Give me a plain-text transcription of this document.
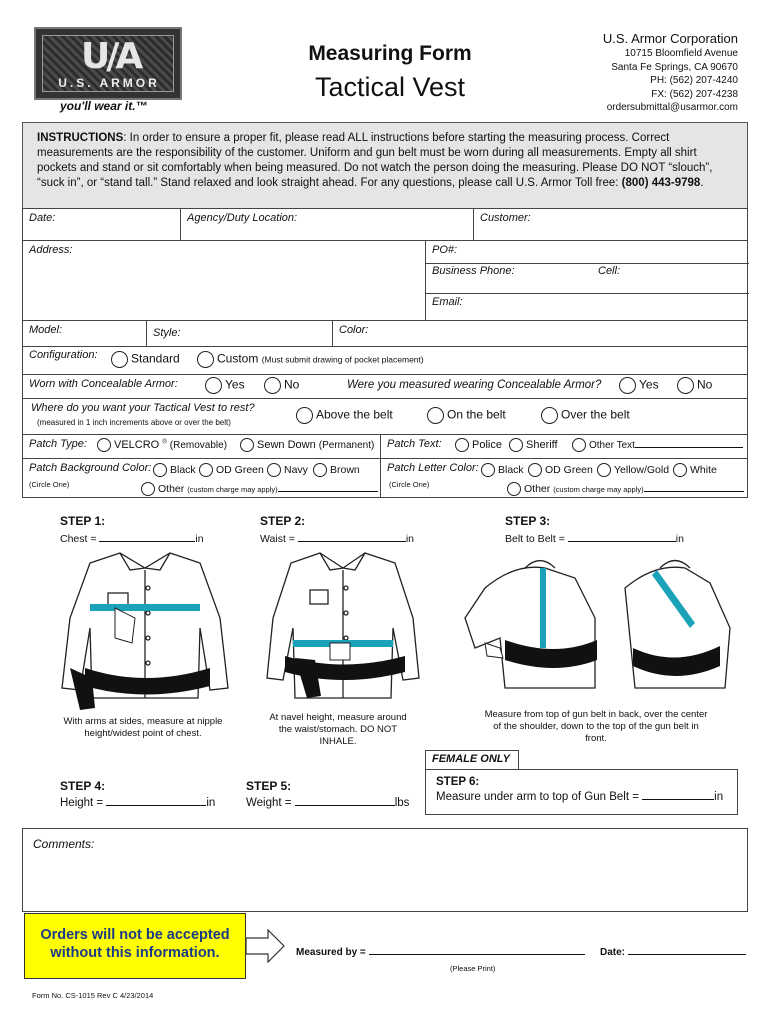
U/A
U.S. ARMOR
you'll wear it.™
Measuring Form
Tactical Vest
U.S. Armor Corporation
10715 Bloomfield Avenue
Santa Fe Springs, CA 90670
PH: (562) 207-4240
FX: (562) 207-4238
ordersubmittal@usarmor.com
INSTRUCTIONS: In order to ensure a proper fit, please read ALL instructions before starting the measuring process. Correct measurements are the responsibility of the customer. Uniform and gun belt must be worn during all measurements. Empty all shirt pockets and stand or sit comfortably when being measured. Do not watch the person doing the measuring. Please DO NOT “slouch”, “suck in”, or “stand tall.” Stand relaxed and look straight ahead. For any questions, please call U.S. Armor Toll free: (800) 443-9798.
Date:	Agency/Duty Location:	Customer:
Address:	PO#:
Business Phone:	Cell:
Email:
Model:	Style:	Color:
Configuration:	Standard	Custom (Must submit drawing of pocket placement)
Worn with Concealable Armor:	Yes	No	Were you measured wearing Concealable Armor?	Yes	No
Where do you want your Tactical Vest to rest?
(measured in 1 inch increments above or over the belt)
Above the belt	On the belt	Over the belt
Patch Type:	VELCRO ® (Removable)	Sewn Down (Permanent) Patch Text:	Police	Sheriff	Other Text
Patch Background Color:	Black	OD Green	Navy	Brown
(Circle One)	Other (custom charge may apply)
Patch Letter Color:	Black	OD Green	Yellow/Gold	White
(Circle One)	Other (custom charge may apply)
STEP 1:
Chest =	in
STEP 2:
Waist =	in
STEP 3:
Belt to Belt =	in
With arms at sides, measure at nipple height/widest point of chest.
At navel height, measure around the waist/stomach. DO NOT INHALE.
Measure from top of gun belt in back, over the center of the shoulder, down to the top of the gun belt in front.
STEP 4:
Height =	in
STEP 5:
Weight =	lbs
FEMALE ONLY
STEP 6:
Measure under arm to top of Gun Belt =	in
Comments:
Orders will not be accepted without this information.	Measured by =
(Please Print)
Date:
Form No. CS-1015 Rev C 4/23/2014
